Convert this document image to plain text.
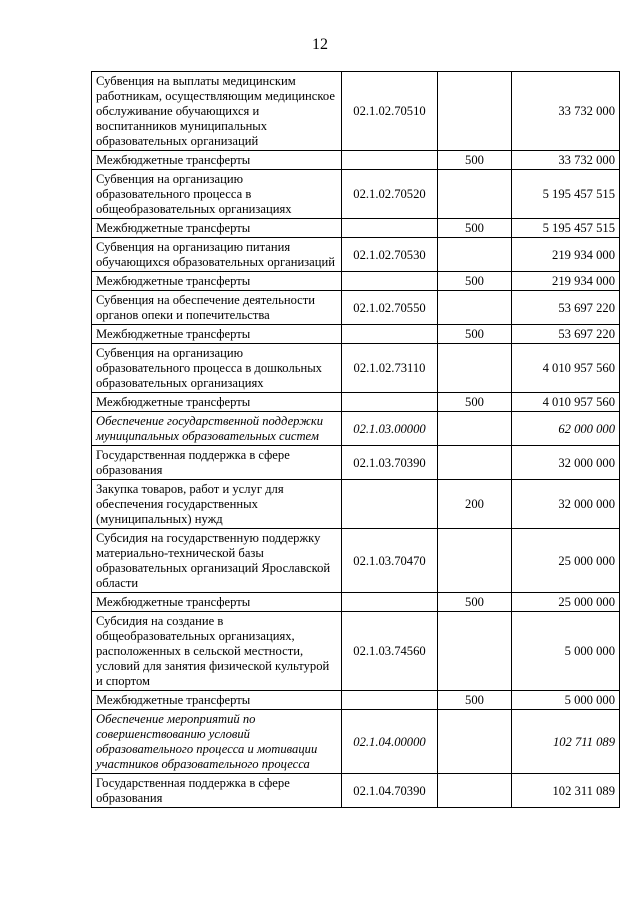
12
Субвенция на выплаты медицинским работникам, осуществляющим медицинское обслуживание обучающихся и воспитанников муниципальных образовательных организаций	02.1.02.70510		33 732 000
Межбюджетные трансферты		500	33 732 000
Субвенция на организацию образовательного процесса в общеобразовательных организациях	02.1.02.70520		5 195 457 515
Межбюджетные трансферты		500	5 195 457 515
Субвенция на организацию питания обучающихся образовательных организаций	02.1.02.70530		219 934 000
Межбюджетные трансферты		500	219 934 000
Субвенция на обеспечение деятельности органов опеки и попечительства	02.1.02.70550		53 697 220
Межбюджетные трансферты		500	53 697 220
Субвенция на организацию образовательного процесса в дошкольных образовательных организациях	02.1.02.73110		4 010 957 560
Межбюджетные трансферты		500	4 010 957 560
Обеспечение государственной поддержки муниципальных образовательных систем	02.1.03.00000		62 000 000
Государственная поддержка в сфере образования	02.1.03.70390		32 000 000
Закупка товаров, работ и услуг для обеспечения государственных (муниципальных) нужд		200	32 000 000
Субсидия на государственную поддержку материально-технической базы образовательных организаций Ярославской области	02.1.03.70470		25 000 000
Межбюджетные трансферты		500	25 000 000
Субсидия на создание в общеобразовательных организациях, расположенных в сельской местности, условий для занятия физической культурой и спортом	02.1.03.74560		5 000 000
Межбюджетные трансферты		500	5 000 000
Обеспечение мероприятий по совершенствованию условий образовательного процесса и мотивации участников образовательного процесса	02.1.04.00000		102 711 089
Государственная поддержка в сфере образования	02.1.04.70390		102 311 089
